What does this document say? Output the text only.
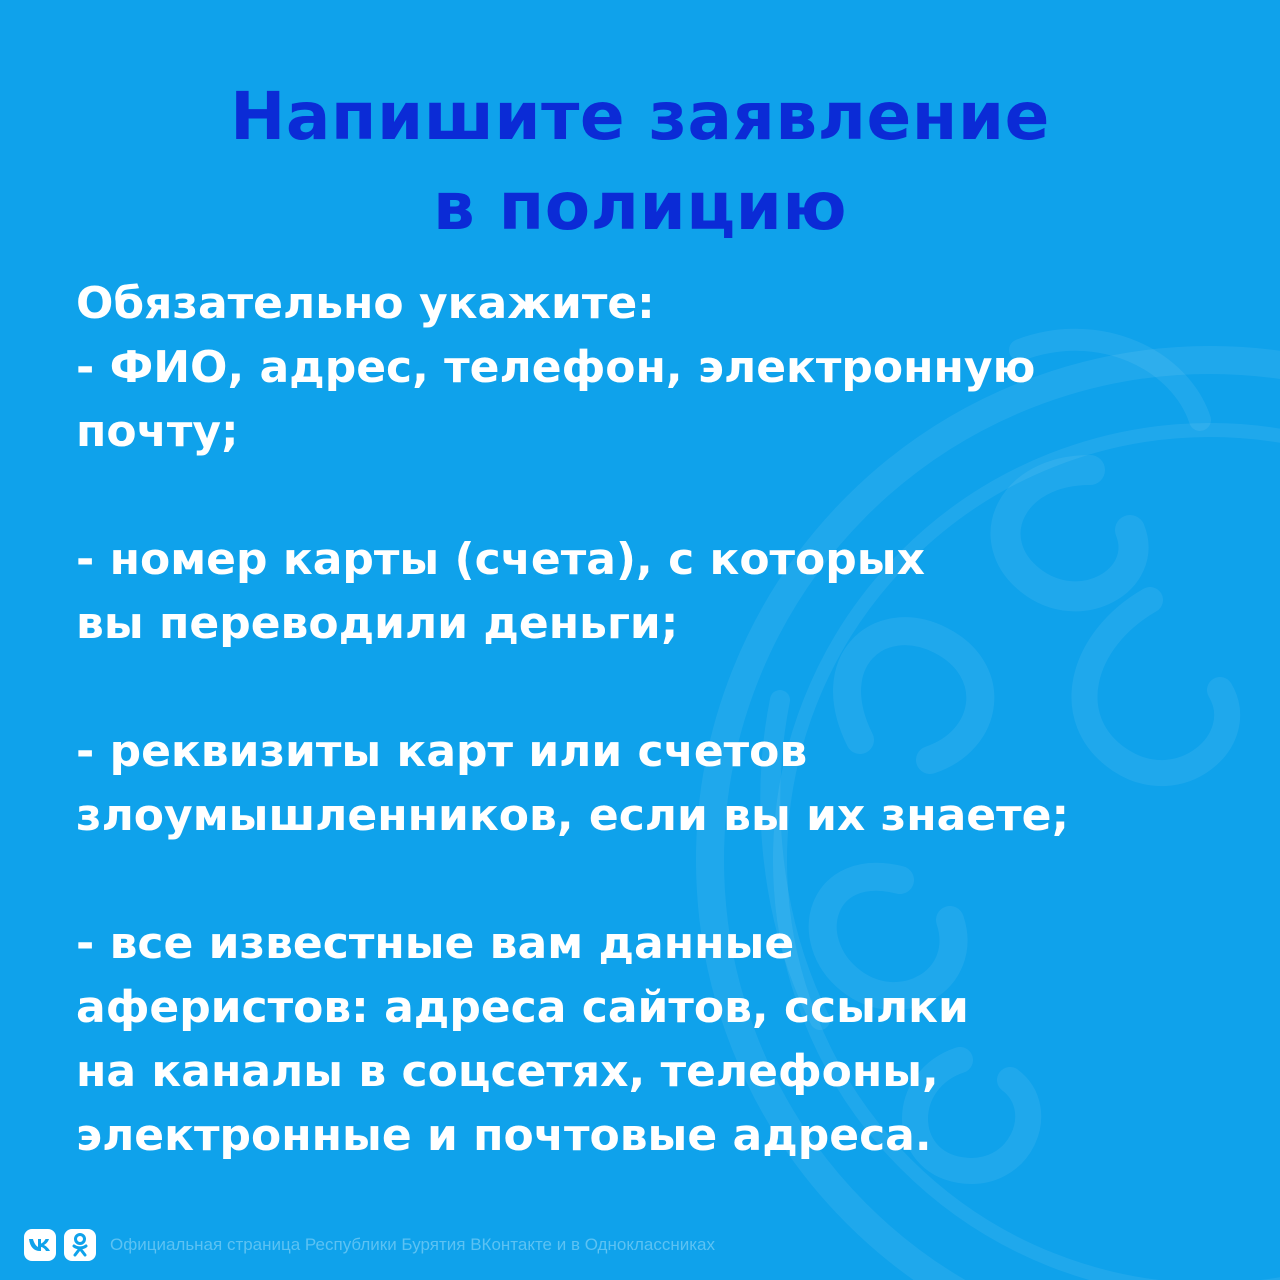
Напишите заявление
в полицию
Обязательно укажите:
- ФИО, адрес, телефон, электронную
почту;
- номер карты (счета), с которых
вы переводили деньги;
- реквизиты карт или счетов
злоумышленников, если вы их знаете;
- все известные вам данные
аферистов: адреса сайтов, ссылки
на каналы в соцсетях, телефоны,
электронные и почтовые адреса.
Официальная страница Республики Бурятия ВКонтакте и в Одноклассниках
